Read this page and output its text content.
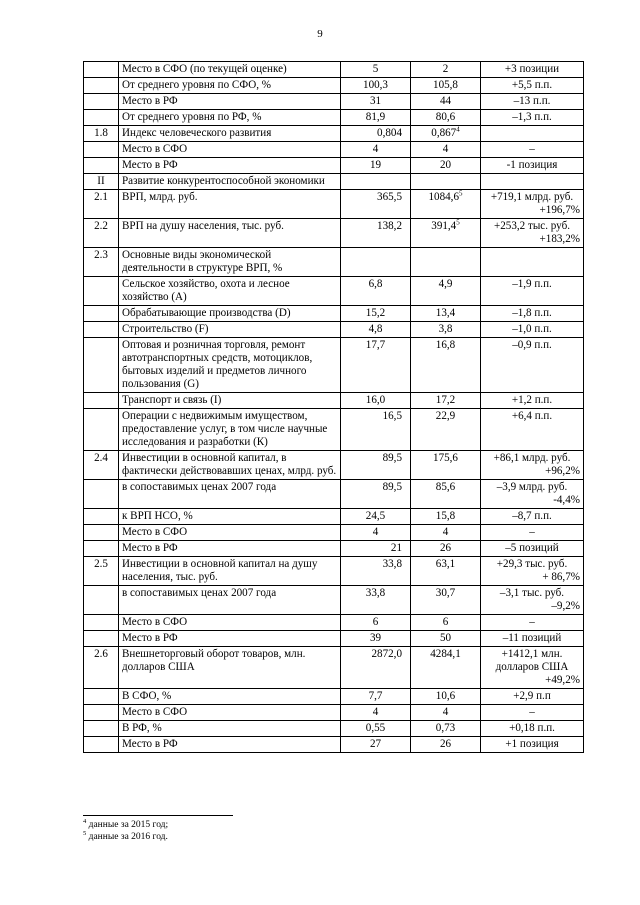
9
	Место в СФО (по текущей оценке)	5	2	+3 позиции

	От среднего уровня по СФО, %	100,3	105,8	+5,5 п.п.

	Место в РФ	31	44	–13 п.п.

	От среднего уровня по РФ, %	81,9	80,6	–1,3 п.п.

1.8	Индекс человеческого развития	0,804	0,867$^4$	

	Место в СФО	4	4	–

	Место в РФ	19	20	-1 позиция

II	Развитие конкурентоспособной экономики			

2.1	ВРП, млрд. руб.	365,5	$1084,6^5$	+719,1 млрд. руб.
+196,7%

2.2	ВРП на душу населения, тыс. руб.	138,2	$391,4^5$	+253,2 тыс. руб.
+183,2%

2.3	Основные виды экономической деятельности в структуре ВРП, %			

	Сельское хозяйство, охота и лесное хозяйство (А)	6,8	4,9	–1,9 п.п.

	Обрабатывающие производства (D)	15,2	13,4	–1,8 п.п.

	Строительство (F)	4,8	3,8	–1,0 п.п.

	Оптовая и розничная торговля, ремонт автотранспортных средств, мотоциклов, бытовых изделий и предметов личного пользования (G)	17,7	16,8	–0,9 п.п.

	Транспорт и связь (I)	16,0	17,2	+1,2 п.п.

	Операции с недвижимым имуществом, предоставление услуг, в том числе научные исследования и разработки (К)	16,5	22,9	+6,4 п.п.

2.4	Инвестиции в основной капитал, в фактически действовавших ценах, млрд. руб.	89,5	175,6	+86,1 млрд. руб.
+96,2%

	в сопоставимых ценах 2007 года	89,5	85,6	–3,9 млрд. руб.
-4,4%

	к ВРП НСО, %	24,5	15,8	–8,7 п.п.

	Место в СФО	4	4	–

	Место в РФ	21	26	–5 позиций

2.5	Инвестиции в основной капитал на душу населения, тыс. руб.	33,8	63,1	+29,3 тыс. руб.
+ 86,7%

	в сопоставимых ценах 2007 года	33,8	30,7	–3,1 тыс. руб.
–9,2%

	Место в СФО	6	6	–

	Место в РФ	39	50	–11 позиций

2.6	Внешнеторговый оборот товаров, млн. долларов США	2872,0	4284,1	+1412,1 млн. долларов США
+49,2%

	В СФО, %	7,7	10,6	+2,9 п.п

	Место в СФО	4	4	–

	В РФ, %	0,55	0,73	+0,18 п.п.

	Место в РФ	27	26	+1 позиция
$^4$ данные за 2015 год;
$^5$ данные за 2016 год.
